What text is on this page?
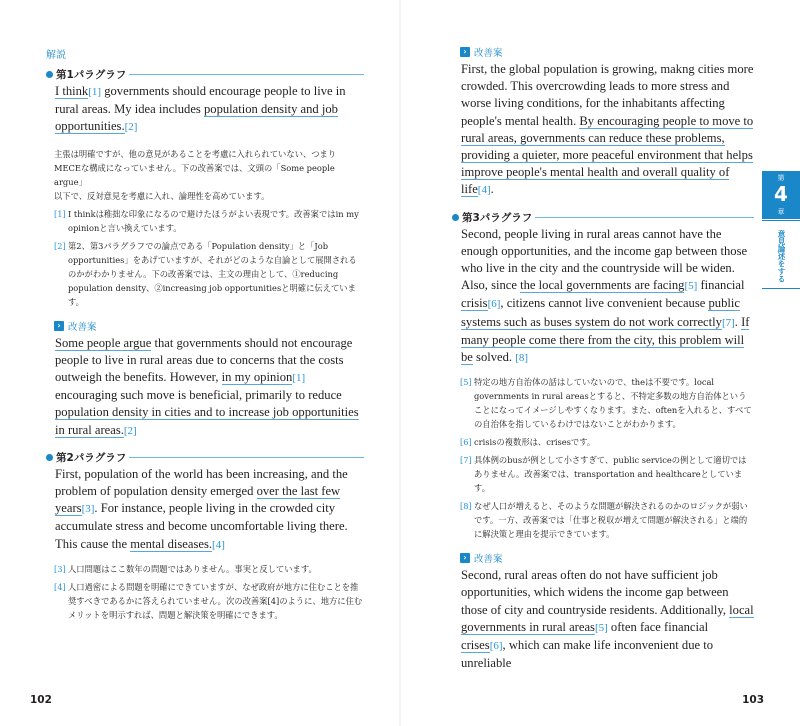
解説
第1パラグラフ
I think[1] governments should encourage people to live in rural areas. My idea includes population density and job opportunities.[2]
主張は明確ですが、他の意見があることを考慮に入れられていない、つまり
MECEな構成になっていません。下の改善案では、文頭の「Some people argue」
以下で、反対意見を考慮に入れ、論理性を高めています。
[1] I thinkは稚拙な印象になるので避けたほうがよい表現です。改善案ではin my opinionと言い換えています。
[2] 第2、第3パラグラフでの論点である「Population density」と「Job opportunities」をあげていますが、それがどのような自論として展開されるのかがわかりません。下の改善案では、主文の理由として、①reducing population density、②increasing job opportunitiesと明確に伝えています。
› 改善案
Some people argue that governments should not encourage people to live in rural areas due to concerns that the costs outweigh the benefits. However, in my opinion[1] encouraging such move is beneficial, primarily to reduce population density in cities and to increase job opportunities in rural areas.[2]
第2パラグラフ
First, population of the world has been increasing, and the problem of population density emerged over the last few years[3]. For instance, people living in the crowded city accumulate stress and become uncomfortable living there. This cause the mental diseases.[4]
[3] 人口問題はここ数年の問題ではありません。事実と反しています。
[4] 人口過密による問題を明確にできていますが、なぜ政府が地方に住むことを推奨すべきであるかに答えられていません。次の改善案[4]のように、地方に住むメリットを明示すれば、問題と解決策を明確にできます。
102
› 改善案
First, the global population is growing, makng cities more crowded. This overcrowding leads to more stress and worse living conditions, for the inhabitants affecting people's mental health. By encouraging people to move to rural areas, governments can reduce these problems, providing a quieter, more peaceful environment that helps improve people's mental health and overall quality of life[4].
第3パラグラフ
Second, people living in rural areas cannot have the enough opportunities, and the income gap between those who live in the city and the countryside will be widen. Also, since the local governments are facing[5] financial crisis[6], citizens cannot live convenient because public systems such as buses system do not work correctly[7]. If many people come there from the city, this problem will be solved. [8]
[5] 特定の地方自治体の話はしていないので、theは不要です。local governments in rural areasとすると、不特定多数の地方自治体ということになってイメージしやすくなります。また、oftenを入れると、すべての自治体を指しているわけではないことがわかります。
[6] crisisの複数形は、crisesです。
[7] 具体例のbusが例として小さすぎて、public serviceの例として適切ではありません。改善案では、transportation and healthcareとしています。
[8] なぜ人口が増えると、そのような問題が解決されるのかのロジックが弱いです。一方、改善案では「仕事と税収が増えて問題が解決される」と端的に解決策と理由を提示できています。
› 改善案
Second, rural areas often do not have sufficient job opportunities, which widens the income gap between those of city and countryside residents. Additionally, local governments in rural areas[5] often face financial crises[6], which can make life inconvenient due to unreliable
103
第
4
章
意見論述をする
